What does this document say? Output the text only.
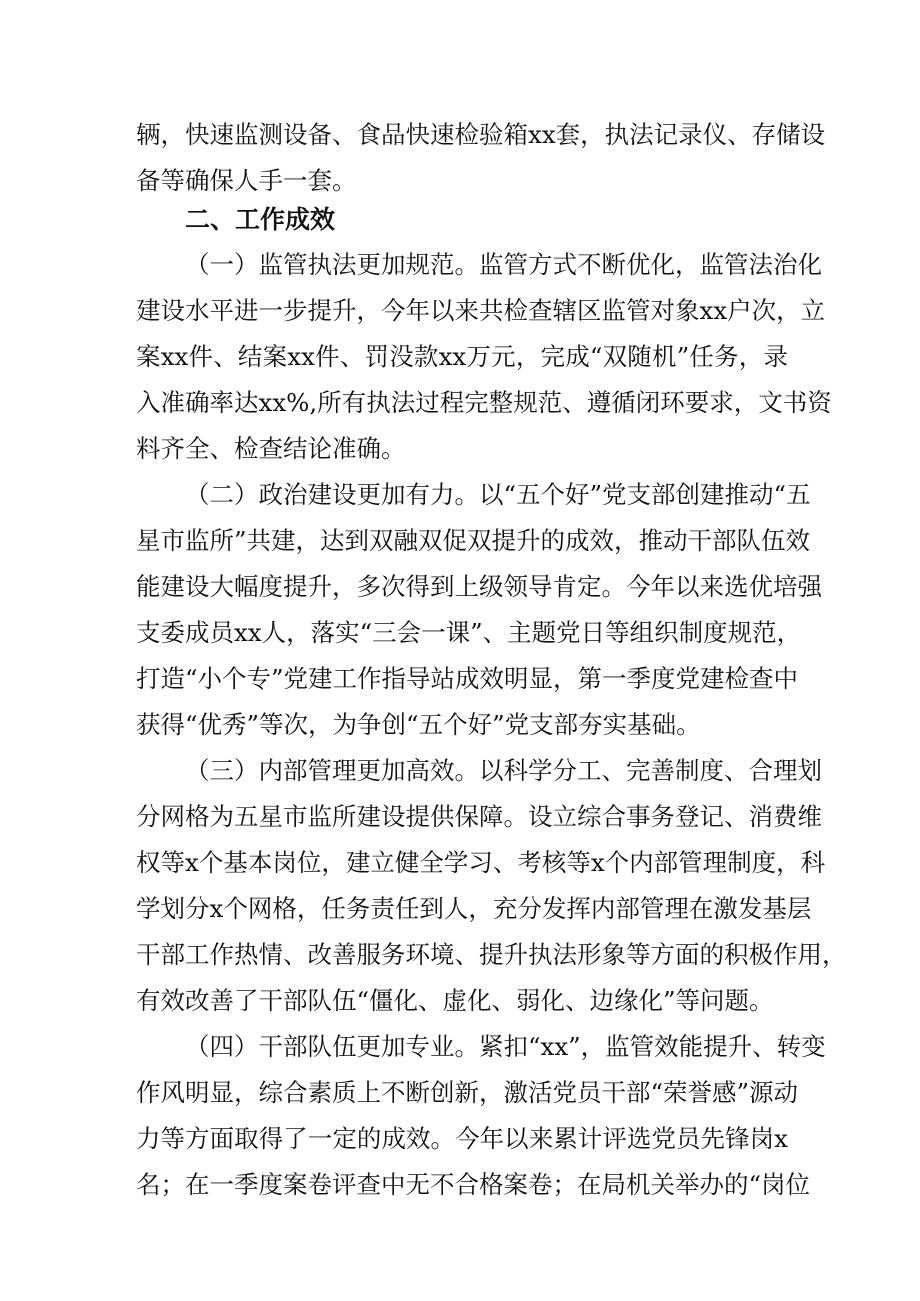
辆，快速监测设备、食品快速检验箱xx套，执法记录仪、存储设
备等确保人手一套。
二、工作成效
（一）监管执法更加规范。监管方式不断优化，监管法治化
建设水平进一步提升，今年以来共检查辖区监管对象xx户次，立
案xx件、结案xx件、罚没款xx万元，完成“双随机”任务，录
入准确率达xx%,所有执法过程完整规范、遵循闭环要求，文书资
料齐全、检查结论准确。
（二）政治建设更加有力。以“五个好”党支部创建推动“五
星市监所”共建，达到双融双促双提升的成效，推动干部队伍效
能建设大幅度提升，多次得到上级领导肯定。今年以来选优培强
支委成员xx人，落实“三会一课”、主题党日等组织制度规范，
打造“小个专”党建工作指导站成效明显，第一季度党建检查中
获得“优秀”等次，为争创“五个好”党支部夯实基础。
（三）内部管理更加高效。以科学分工、完善制度、合理划
分网格为五星市监所建设提供保障。设立综合事务登记、消费维
权等x个基本岗位，建立健全学习、考核等x个内部管理制度，科
学划分x个网格，任务责任到人，充分发挥内部管理在激发基层
干部工作热情、改善服务环境、提升执法形象等方面的积极作用，
有效改善了干部队伍“僵化、虚化、弱化、边缘化”等问题。
（四）干部队伍更加专业。紧扣“xx”，监管效能提升、转变
作风明显，综合素质上不断创新，激活党员干部“荣誉感”源动
力等方面取得了一定的成效。今年以来累计评选党员先锋岗x
名；在一季度案卷评查中无不合格案卷；在局机关举办的“岗位
